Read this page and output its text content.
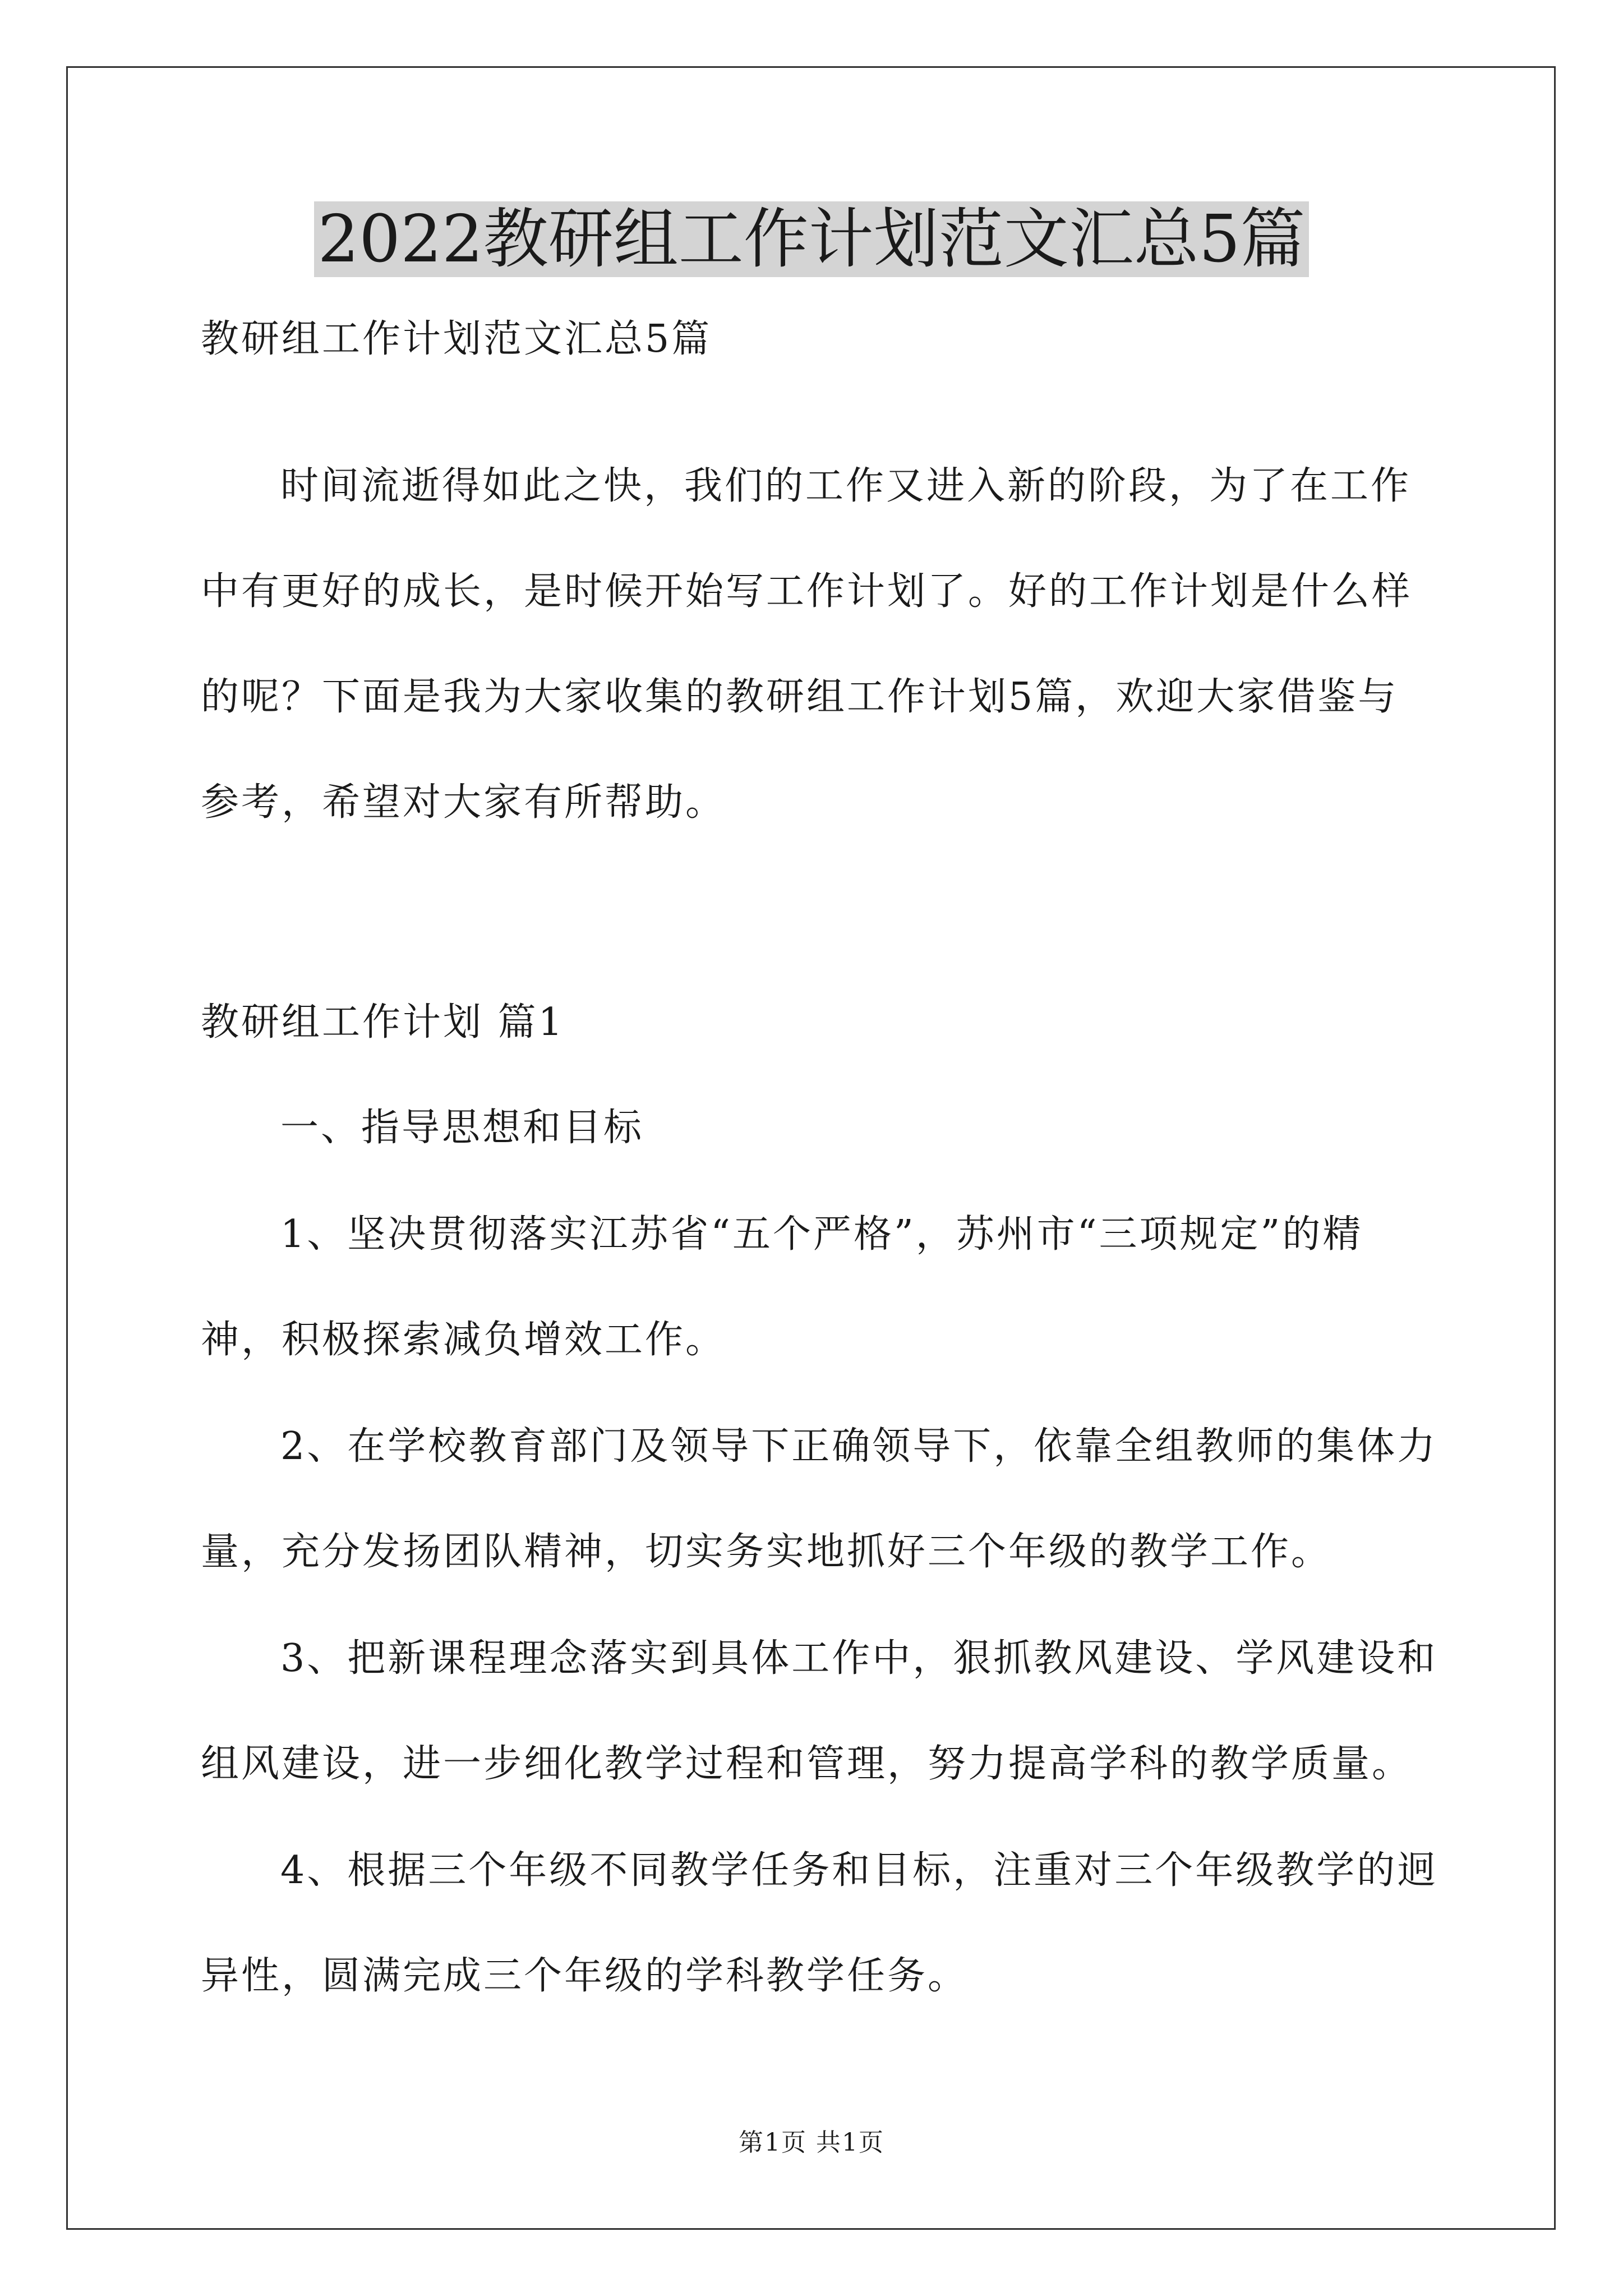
2022教研组工作计划范文汇总5篇

教研组工作计划范文汇总5篇

时间流逝得如此之快，我们的工作又进入新的阶段，为了在工作

中有更好的成长，是时候开始写工作计划了。好的工作计划是什么样

的呢？下面是我为大家收集的教研组工作计划5篇，欢迎大家借鉴与

参考，希望对大家有所帮助。

教研组工作计划 篇1

一、指导思想和目标

1、坚决贯彻落实江苏省“五个严格”，苏州市“三项规定”的精

神，积极探索减负增效工作。

2、在学校教育部门及领导下正确领导下，依靠全组教师的集体力

量，充分发扬团队精神，切实务实地抓好三个年级的教学工作。

3、把新课程理念落实到具体工作中，狠抓教风建设、学风建设和

组风建设，进一步细化教学过程和管理，努力提高学科的教学质量。

4、根据三个年级不同教学任务和目标，注重对三个年级教学的迥

异性，圆满完成三个年级的学科教学任务。

第1页 共1页
